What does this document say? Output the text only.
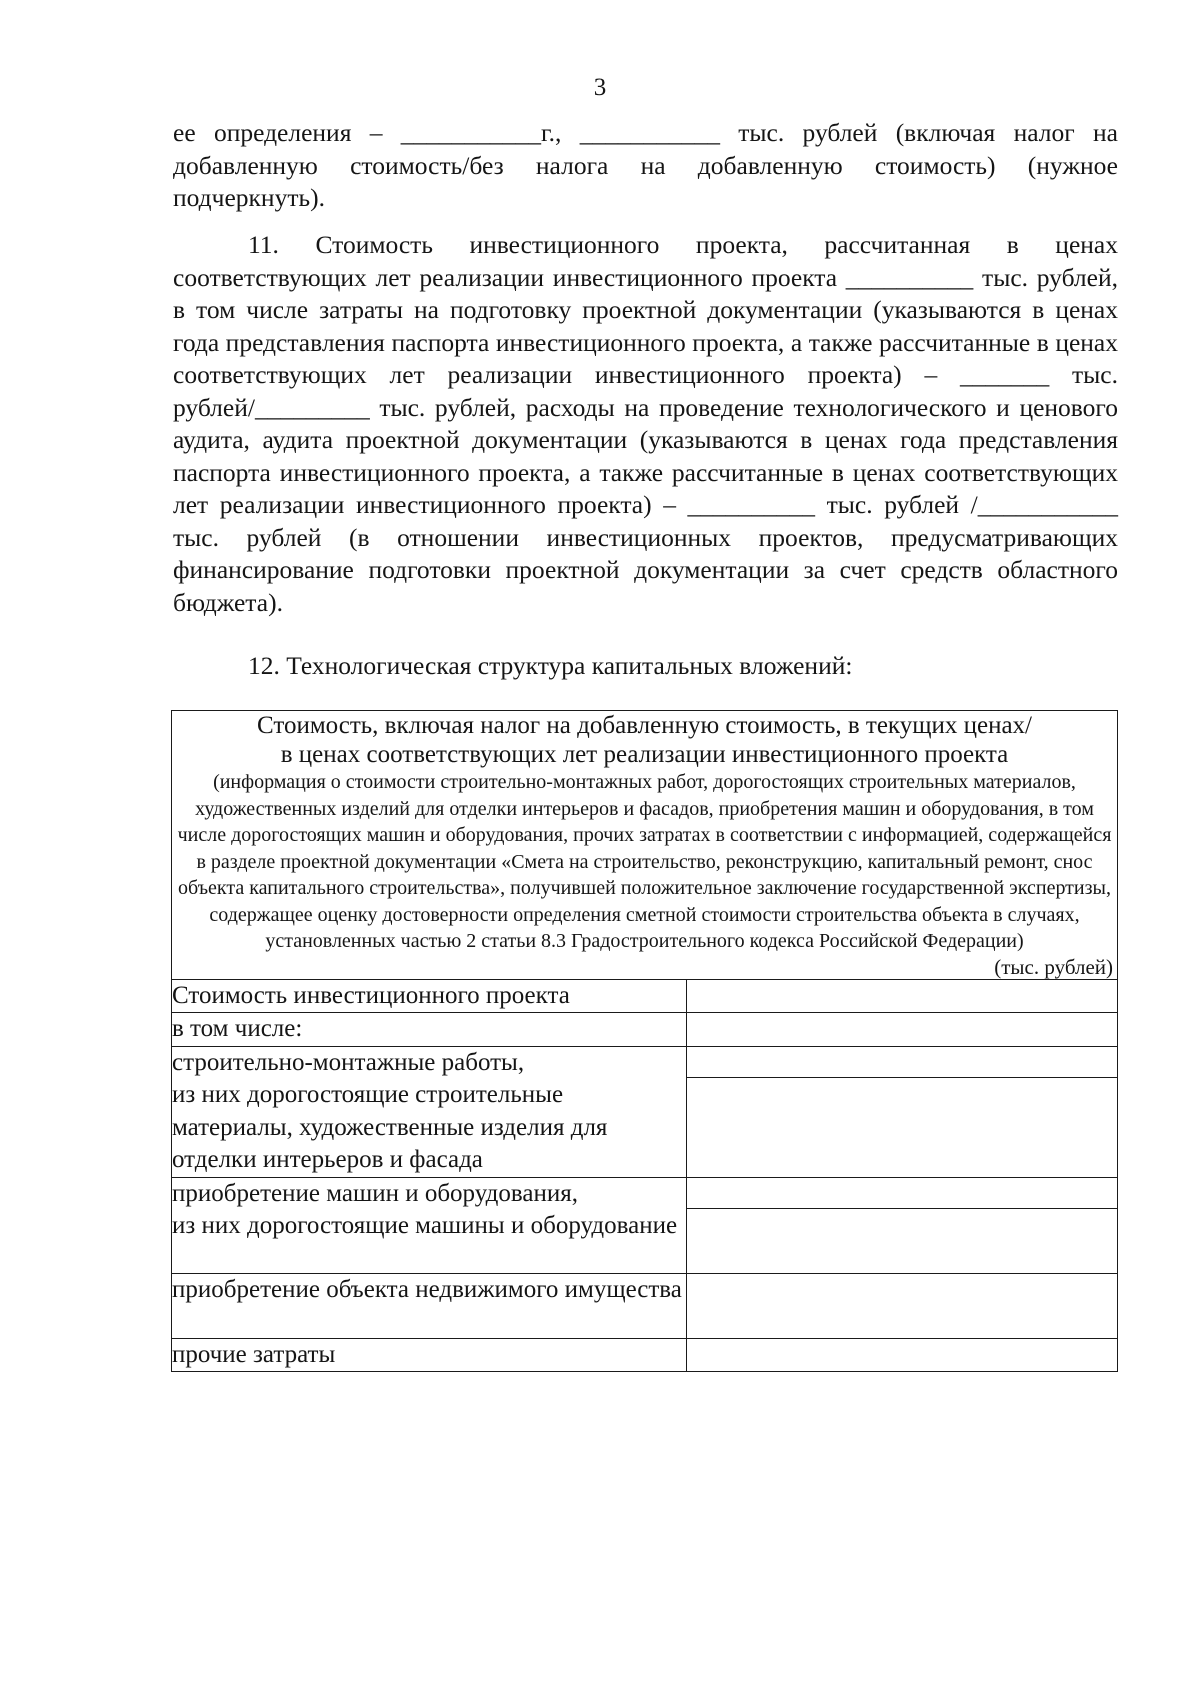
3

ее определения – ___________г., ___________ тыс. рублей (включая налог на добавленную стоимость/без налога на добавленную стоимость) (нужное подчеркнуть).

11. Стоимость инвестиционного проекта, рассчитанная в ценах соответствующих лет реализации инвестиционного проекта __________ тыс. рублей, в том числе затраты на подготовку проектной документации (указываются в ценах года представления паспорта инвестиционного проекта, а также рассчитанные в ценах соответствующих лет реализации инвестиционного проекта) – _______ тыс. рублей/_________ тыс. рублей, расходы на проведение технологического и ценового аудита, аудита проектной документации (указываются в ценах года представления паспорта инвестиционного проекта, а также рассчитанные в ценах соответствующих лет реализации инвестиционного проекта) – __________ тыс. рублей /___________ тыс. рублей (в отношении инвестиционных проектов, предусматривающих финансирование подготовки проектной документации за счет средств областного бюджета).

12. Технологическая структура капитальных вложений:

Стоимость, включая налог на добавленную стоимость, в текущих ценах/
в ценах соответствующих лет реализации инвестиционного проекта
(информация о стоимости строительно-монтажных работ, дорогостоящих строительных материалов, художественных изделий для отделки интерьеров и фасадов, приобретения машин и оборудования, в том числе дорогостоящих машин и оборудования, прочих затратах в соответствии с информацией, содержащейся в разделе проектной документации «Смета на строительство, реконструкцию, капитальный ремонт, снос объекта капитального строительства», получившей положительное заключение государственной экспертизы, содержащее оценку достоверности определения сметной стоимости строительства объекта в случаях, установленных частью 2 статьи 8.3 Градостроительного кодекса Российской Федерации)
(тыс. рублей)	

Стоимость инвестиционного проекта	
в том числе:	

строительно-монтажные работы,
из них дорогостоящие строительные материалы, художественные изделия для отделки интерьеров и фасада	

приобретение машин и оборудования,
из них дорогостоящие машины и оборудование	

приобретение объекта недвижимого имущества	
прочие затраты	
